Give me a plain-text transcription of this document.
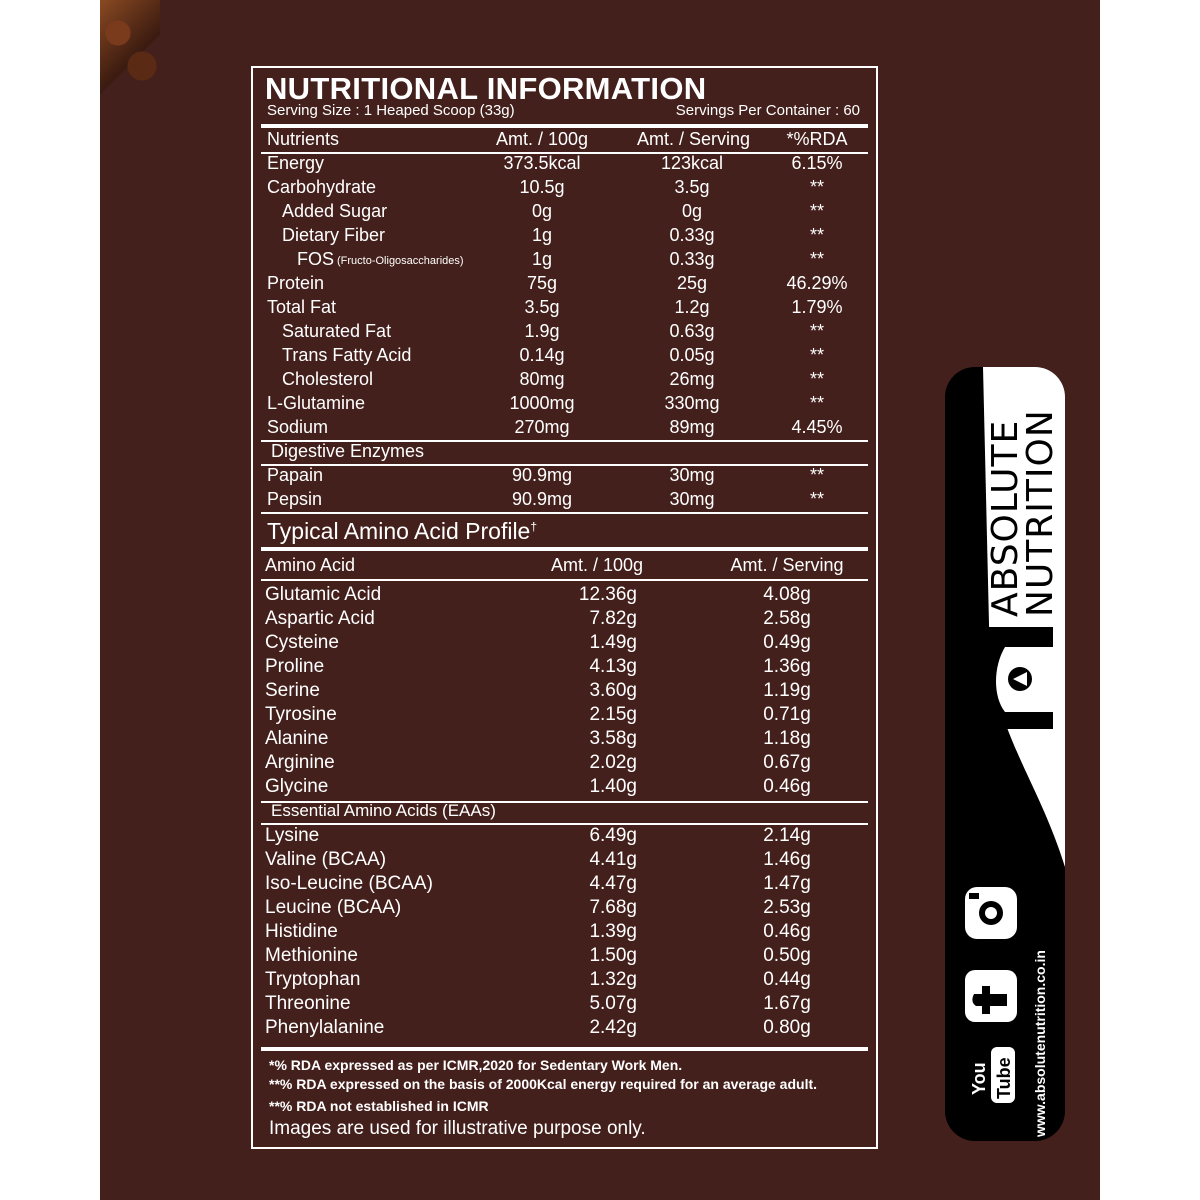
NUTRITIONAL INFORMATION
Serving Size : 1 Heaped Scoop (33g)	Servings Per Container : 60
Nutrients	Amt. / 100g	Amt. / Serving	*%RDA
Energy	373.5kcal	123kcal	6.15%
Carbohydrate	10.5g	3.5g	**
Added Sugar	0g	0g	**
Dietary Fiber	1g	0.33g	**
FOS (Fructo-Oligosaccharides)	1g	0.33g	**
Protein	75g	25g	46.29%
Total Fat	3.5g	1.2g	1.79%
Saturated Fat	1.9g	0.63g	**
Trans Fatty Acid	0.14g	0.05g	**
Cholesterol	80mg	26mg	**
L-Glutamine	1000mg	330mg	**
Sodium	270mg	89mg	4.45%
Digestive Enzymes
Papain	90.9mg	30mg	**
Pepsin	90.9mg	30mg	**
Typical Amino Acid Profile†
Amino Acid	Amt. / 100g	Amt. / Serving
Glutamic Acid	12.36g	4.08g
Aspartic Acid	7.82g	2.58g
Cysteine	1.49g	0.49g
Proline	4.13g	1.36g
Serine	3.60g	1.19g
Tyrosine	2.15g	0.71g
Alanine	3.58g	1.18g
Arginine	2.02g	0.67g
Glycine	1.40g	0.46g
Essential Amino Acids (EAAs)
Lysine	6.49g	2.14g
Valine (BCAA)	4.41g	1.46g
Iso-Leucine (BCAA)	4.47g	1.47g
Leucine (BCAA)	7.68g	2.53g
Histidine	1.39g	0.46g
Methionine	1.50g	0.50g
Tryptophan	1.32g	0.44g
Threonine	5.07g	1.67g
Phenylalanine	2.42g	0.80g
*% RDA expressed as per ICMR,2020 for Sedentary Work Men.
**% RDA expressed on the basis of 2000Kcal energy required for an average adult.
**% RDA not established in ICMR
Images are used for illustrative purpose only.
ABSOLUTE
NUTRITION
You Tube www.absolutenutrition.co.in
